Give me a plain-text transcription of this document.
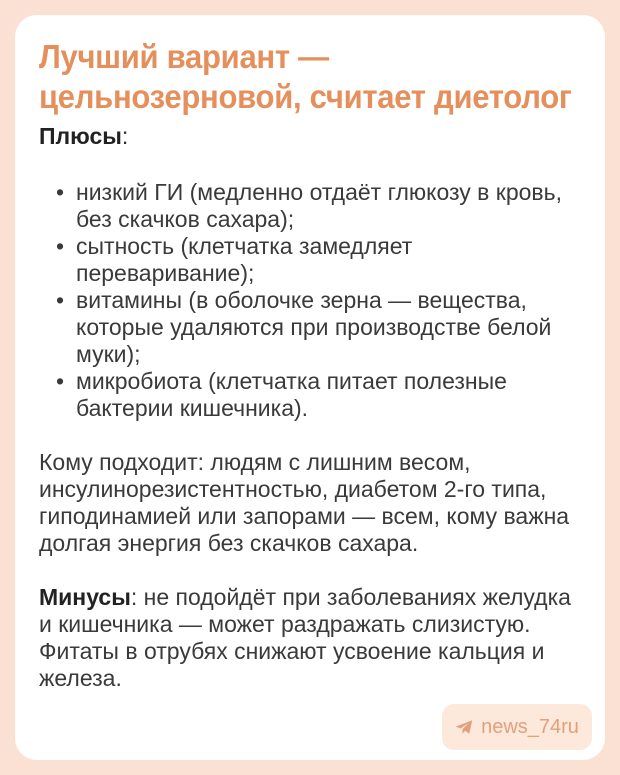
Лучший вариант —
цельнозерновой, считает диетолог
Плюсы:
• низкий ГИ (медленно отдаёт глюкозу в кровь, без скачков сахара);
• сытность (клетчатка замедляет переваривание);
• витамины (в оболочке зерна — вещества, которые удаляются при производстве белой муки);
• микробиота (клетчатка питает полезные бактерии кишечника).
Кому подходит: людям с лишним весом, инсулинорезистентностью, диабетом 2-го типа, гиподинамией или запорами — всем, кому важна долгая энергия без скачков сахара.
Минусы: не подойдёт при заболеваниях желудка и кишечника — может раздражать слизистую. Фитаты в отрубях снижают усвоение кальция и железа.
news_74ru
